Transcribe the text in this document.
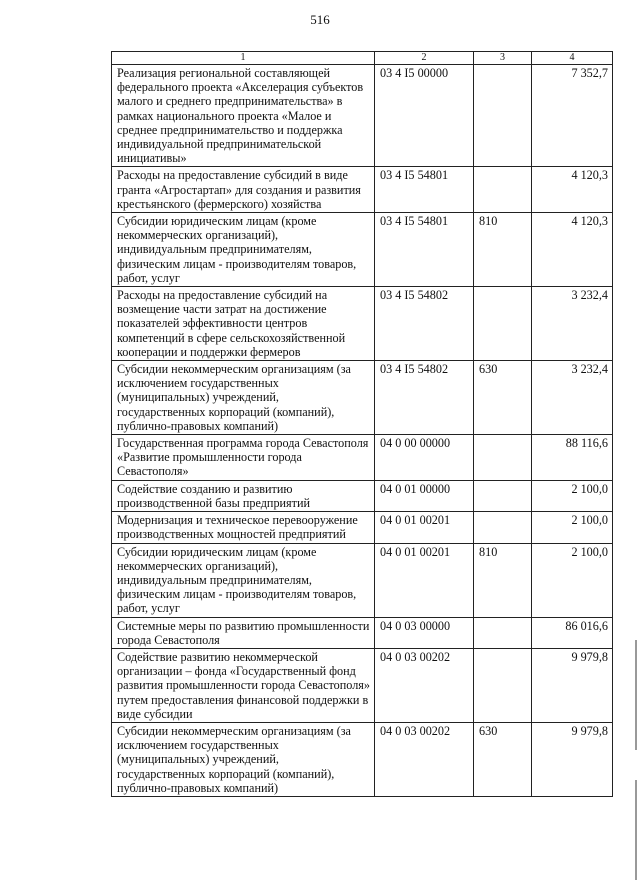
516
1	2	3	4
Реализация региональной составляющей федерального проекта «Акселерация субъектов малого и среднего предпринимательства» в рамках национального проекта «Малое и среднее предпринимательство и поддержка индивидуальной предпринимательской инициативы»	03 4 I5 00000		7 352,7
Расходы на предоставление субсидий в виде гранта «Агростартап» для создания и развития крестьянского (фермерского) хозяйства	03 4 I5 54801		4 120,3
Субсидии юридическим лицам (кроме некоммерческих организаций), индивидуальным предпринимателям, физическим лицам - производителям товаров, работ, услуг	03 4 I5 54801	810	4 120,3
Расходы на предоставление субсидий на возмещение части затрат на достижение показателей эффективности центров компетенций в сфере сельскохозяйственной кооперации и поддержки фермеров	03 4 I5 54802		3 232,4
Субсидии некоммерческим организациям (за исключением государственных (муниципальных) учреждений, государственных корпораций (компаний), публично-правовых компаний)	03 4 I5 54802	630	3 232,4
Государственная программа города Севастополя «Развитие промышленности города Севастополя»	04 0 00 00000		88 116,6
Содействие созданию и развитию производственной базы предприятий	04 0 01 00000		2 100,0
Модернизация и техническое перевооружение производственных мощностей предприятий	04 0 01 00201		2 100,0
Субсидии юридическим лицам (кроме некоммерческих организаций), индивидуальным предпринимателям, физическим лицам - производителям товаров, работ, услуг	04 0 01 00201	810	2 100,0
Системные меры по развитию промышленности города Севастополя	04 0 03 00000		86 016,6
Содействие развитию некоммерческой организации – фонда «Государственный фонд развития промышленности города Севастополя» путем предоставления финансовой поддержки в виде субсидии	04 0 03 00202		9 979,8
Субсидии некоммерческим организациям (за исключением государственных (муниципальных) учреждений, государственных корпораций (компаний), публично-правовых компаний)	04 0 03 00202	630	9 979,8
